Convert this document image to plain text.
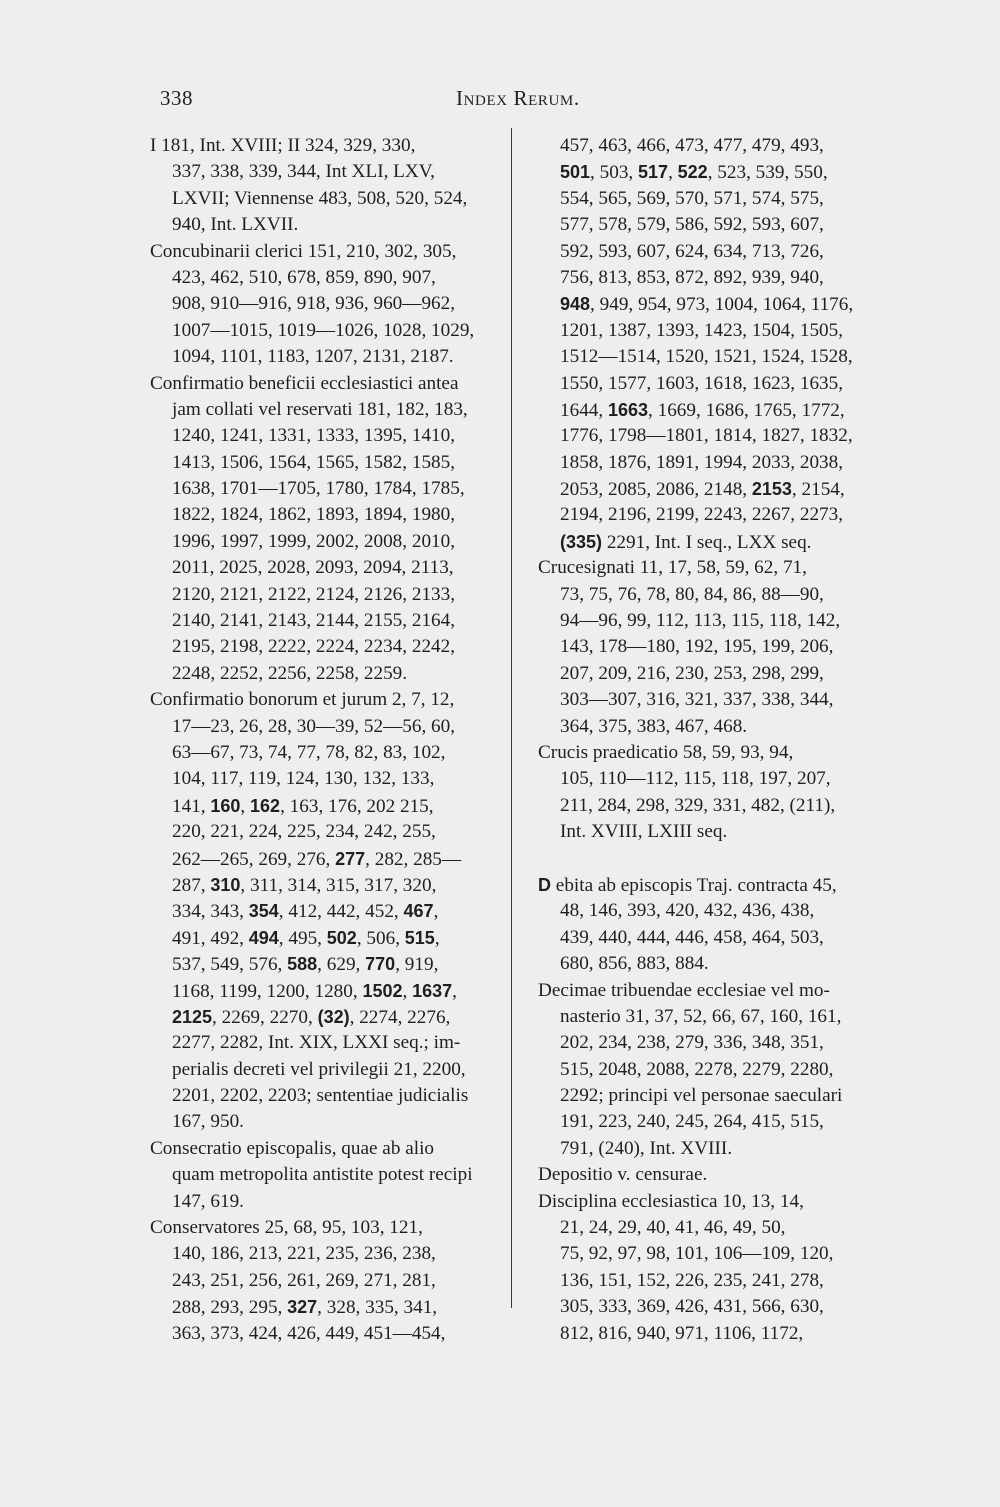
338	Index Rerum.
I 181, Int. XVIII; II 324, 329, 330,
337, 338, 339, 344, Int XLI, LXV,
LXVII; Viennense 483, 508, 520, 524,
940, Int. LXVII.
Concubinarii clerici 151, 210, 302, 305,
423, 462, 510, 678, 859, 890, 907,
908, 910—916, 918, 936, 960—962,
1007—1015, 1019—1026, 1028, 1029,
1094, 1101, 1183, 1207, 2131, 2187.
Confirmatio beneficii ecclesiastici antea
jam collati vel reservati 181, 182, 183,
1240, 1241, 1331, 1333, 1395, 1410,
1413, 1506, 1564, 1565, 1582, 1585,
1638, 1701—1705, 1780, 1784, 1785,
1822, 1824, 1862, 1893, 1894, 1980,
1996, 1997, 1999, 2002, 2008, 2010,
2011, 2025, 2028, 2093, 2094, 2113,
2120, 2121, 2122, 2124, 2126, 2133,
2140, 2141, 2143, 2144, 2155, 2164,
2195, 2198, 2222, 2224, 2234, 2242,
2248, 2252, 2256, 2258, 2259.
Confirmatio bonorum et jurum 2, 7, 12,
17—23, 26, 28, 30—39, 52—56, 60,
63—67, 73, 74, 77, 78, 82, 83, 102,
104, 117, 119, 124, 130, 132, 133,
141, 160, 162, 163, 176, 202 215,
220, 221, 224, 225, 234, 242, 255,
262—265, 269, 276, 277, 282, 285—
287, 310, 311, 314, 315, 317, 320,
334, 343, 354, 412, 442, 452, 467,
491, 492, 494, 495, 502, 506, 515,
537, 549, 576, 588, 629, 770, 919,
1168, 1199, 1200, 1280, 1502, 1637,
2125, 2269, 2270, (32), 2274, 2276,
2277, 2282, Int. XIX, LXXI seq.; im-
perialis decreti vel privilegii 21, 2200,
2201, 2202, 2203; sententiae judicialis
167, 950.
Consecratio episcopalis, quae ab alio
quam metropolita antistite potest recipi
147, 619.
Conservatores 25, 68, 95, 103, 121,
140, 186, 213, 221, 235, 236, 238,
243, 251, 256, 261, 269, 271, 281,
288, 293, 295, 327, 328, 335, 341,
363, 373, 424, 426, 449, 451—454,
457, 463, 466, 473, 477, 479, 493,
501, 503, 517, 522, 523, 539, 550,
554, 565, 569, 570, 571, 574, 575,
577, 578, 579, 586, 592, 593, 607,
592, 593, 607, 624, 634, 713, 726,
756, 813, 853, 872, 892, 939, 940,
948, 949, 954, 973, 1004, 1064, 1176,
1201, 1387, 1393, 1423, 1504, 1505,
1512—1514, 1520, 1521, 1524, 1528,
1550, 1577, 1603, 1618, 1623, 1635,
1644, 1663, 1669, 1686, 1765, 1772,
1776, 1798—1801, 1814, 1827, 1832,
1858, 1876, 1891, 1994, 2033, 2038,
2053, 2085, 2086, 2148, 2153, 2154,
2194, 2196, 2199, 2243, 2267, 2273,
(335) 2291, Int. I seq., LXX seq.
Crucesignati 11, 17, 58, 59, 62, 71,
73, 75, 76, 78, 80, 84, 86, 88—90,
94—96, 99, 112, 113, 115, 118, 142,
143, 178—180, 192, 195, 199, 206,
207, 209, 216, 230, 253, 298, 299,
303—307, 316, 321, 337, 338, 344,
364, 375, 383, 467, 468.
Crucis praedicatio 58, 59, 93, 94,
105, 110—112, 115, 118, 197, 207,
211, 284, 298, 329, 331, 482, (211),
Int. XVIII, LXIII seq.
D ebita ab episcopis Traj. contracta 45,
48, 146, 393, 420, 432, 436, 438,
439, 440, 444, 446, 458, 464, 503,
680, 856, 883, 884.
Decimae tribuendae ecclesiae vel mo-
nasterio 31, 37, 52, 66, 67, 160, 161,
202, 234, 238, 279, 336, 348, 351,
515, 2048, 2088, 2278, 2279, 2280,
2292; principi vel personae saeculari
191, 223, 240, 245, 264, 415, 515,
791, (240), Int. XVIII.
Depositio v. censurae.
Disciplina ecclesiastica 10, 13, 14,
21, 24, 29, 40, 41, 46, 49, 50,
75, 92, 97, 98, 101, 106—109, 120,
136, 151, 152, 226, 235, 241, 278,
305, 333, 369, 426, 431, 566, 630,
812, 816, 940, 971, 1106, 1172,
